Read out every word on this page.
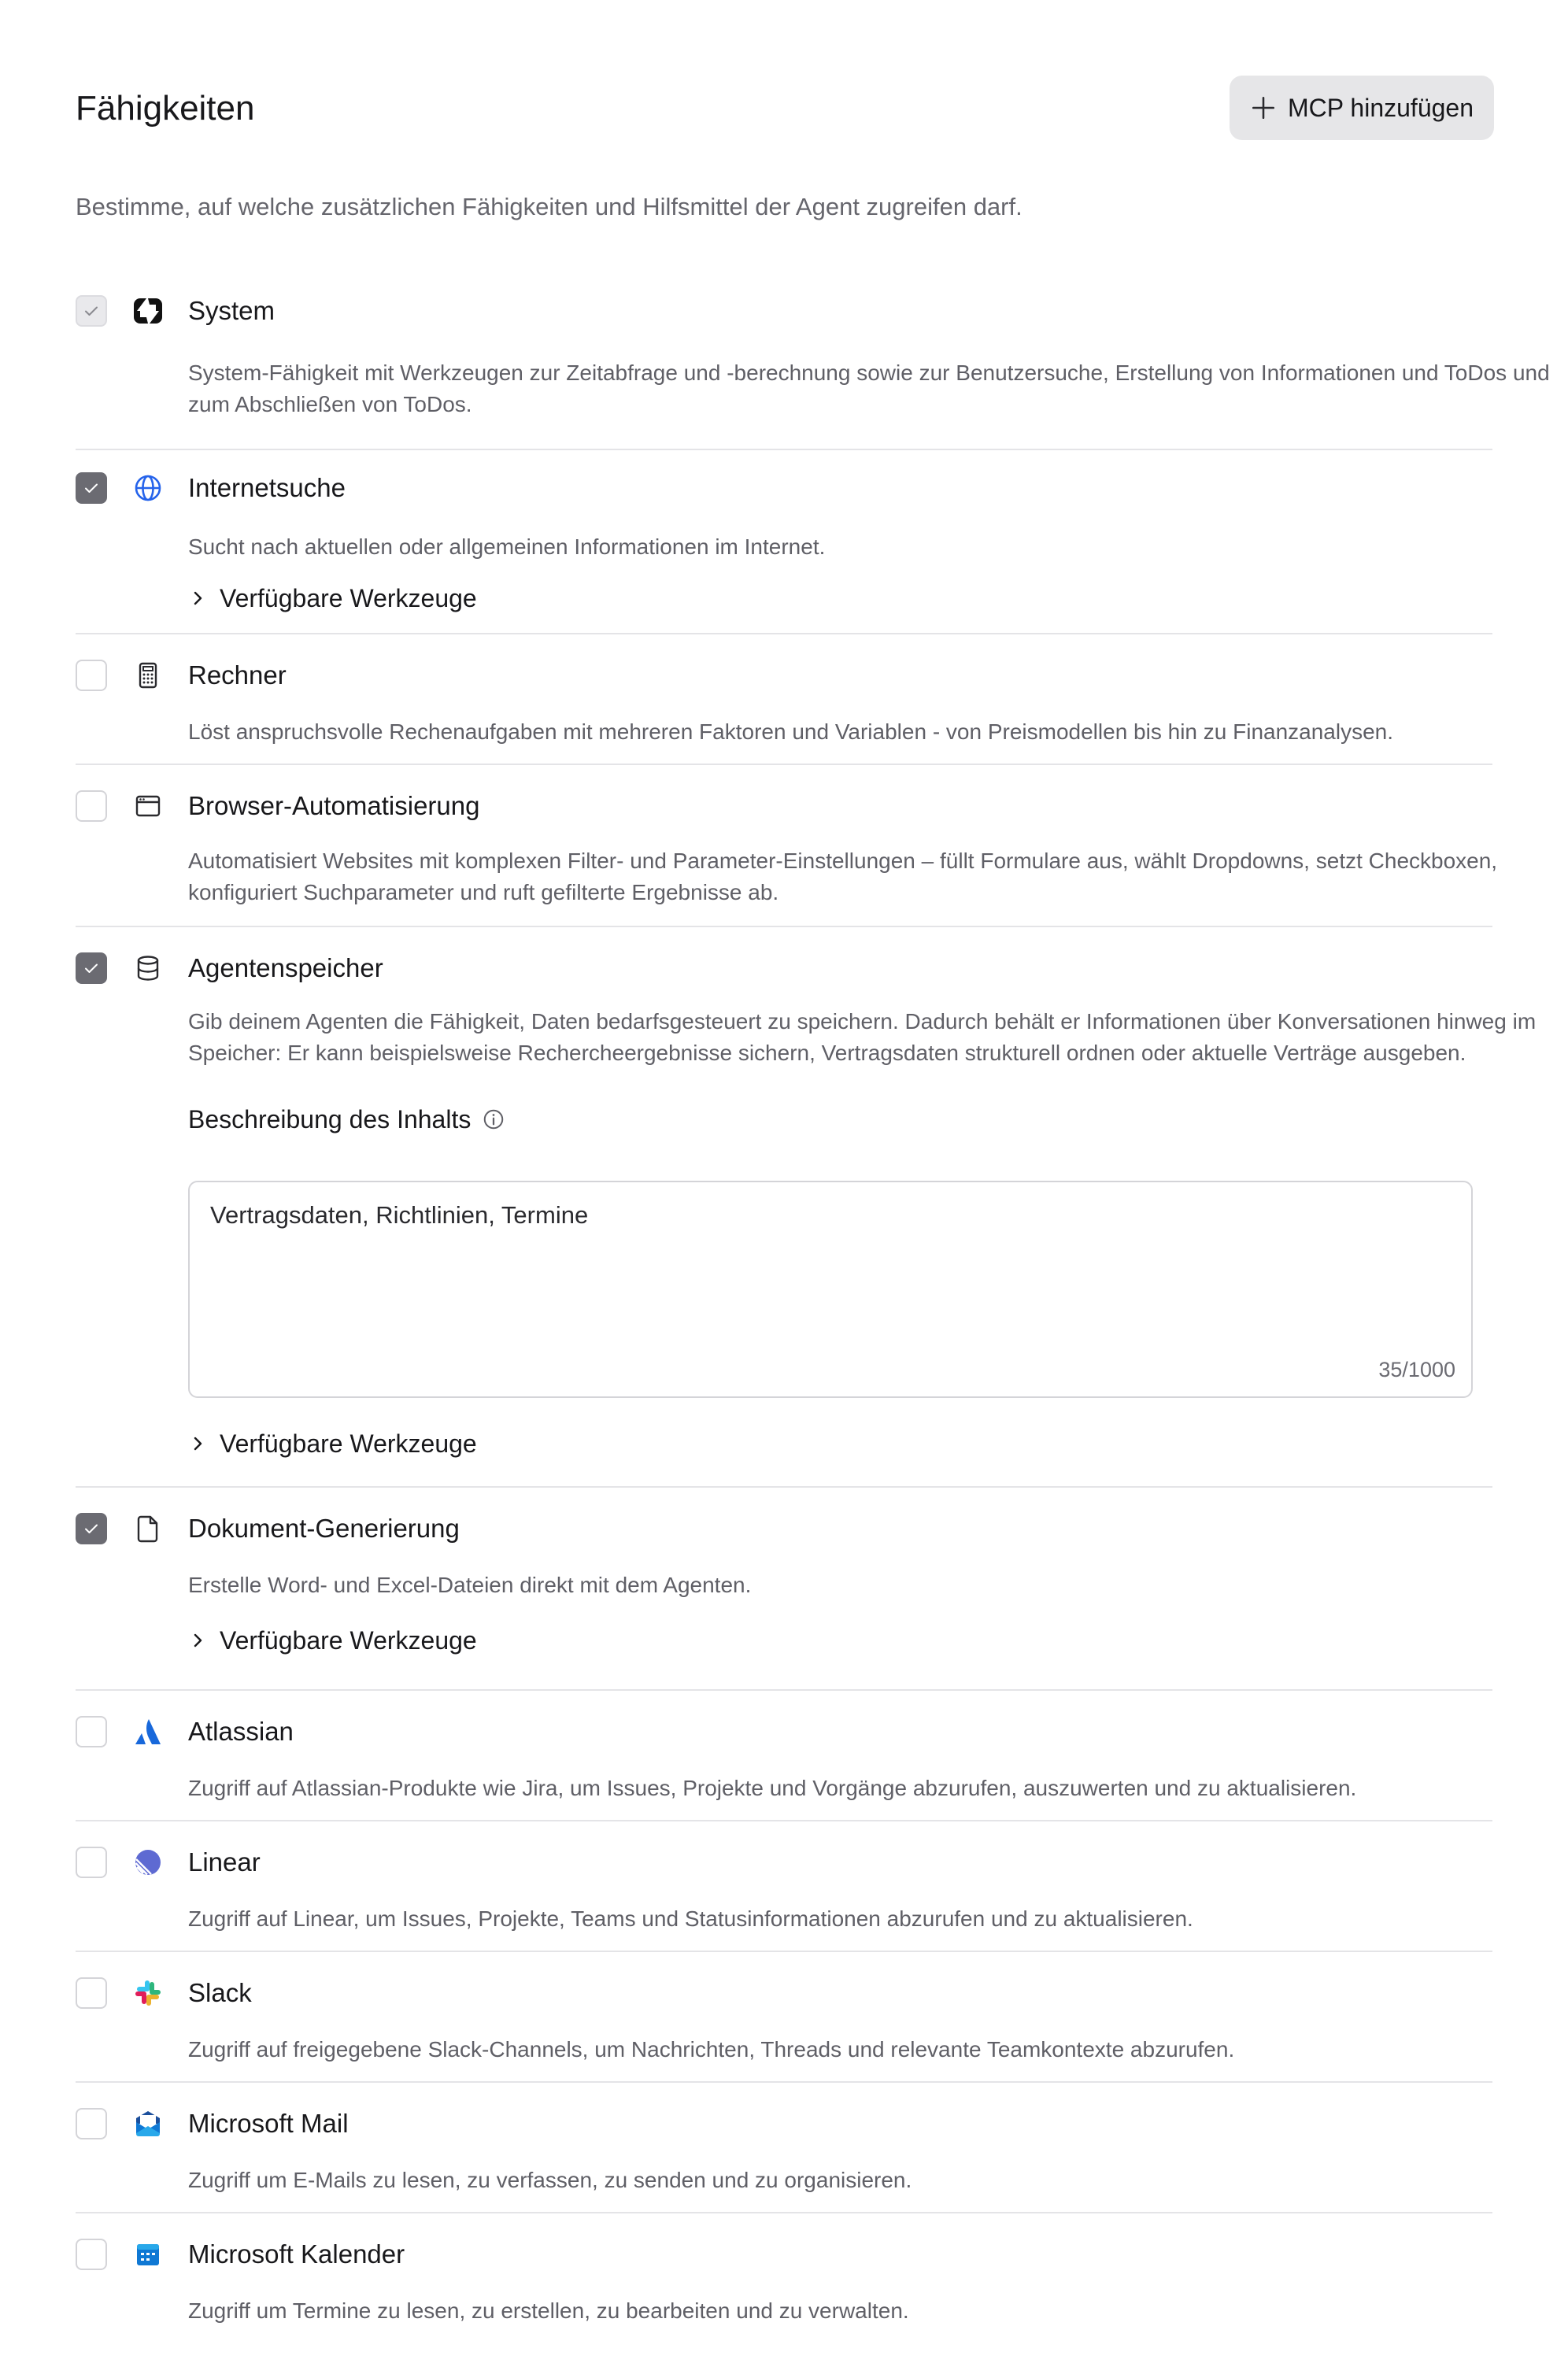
Fähigkeiten	MCP hinzufügen
Bestimme, auf welche zusätzlichen Fähigkeiten und Hilfsmittel der Agent zugreifen darf.
System
System-Fähigkeit mit Werkzeugen zur Zeitabfrage und -berechnung sowie zur Benutzersuche, Erstellung von Informationen und ToDos und zum Abschließen von ToDos.
Internetsuche
Sucht nach aktuellen oder allgemeinen Informationen im Internet.
Verfügbare Werkzeuge
Rechner
Löst anspruchsvolle Rechenaufgaben mit mehreren Faktoren und Variablen - von Preismodellen bis hin zu Finanzanalysen.
Browser-Automatisierung
Automatisiert Websites mit komplexen Filter- und Parameter-Einstellungen – füllt Formulare aus, wählt Dropdowns, setzt Checkboxen, konfiguriert Suchparameter und ruft gefilterte Ergebnisse ab.
Agentenspeicher
Gib deinem Agenten die Fähigkeit, Daten bedarfsgesteuert zu speichern. Dadurch behält er Informationen über Konversationen hinweg im Speicher: Er kann beispielsweise Rechercheergebnisse sichern, Vertragsdaten strukturell ordnen oder aktuelle Verträge ausgeben.
Beschreibung des Inhalts
Vertragsdaten, Richtlinien, Termine
35/1000
Verfügbare Werkzeuge
Dokument-Generierung
Erstelle Word- und Excel-Dateien direkt mit dem Agenten.
Verfügbare Werkzeuge
Atlassian
Zugriff auf Atlassian-Produkte wie Jira, um Issues, Projekte und Vorgänge abzurufen, auszuwerten und zu aktualisieren.
Linear
Zugriff auf Linear, um Issues, Projekte, Teams und Statusinformationen abzurufen und zu aktualisieren.
Slack
Zugriff auf freigegebene Slack-Channels, um Nachrichten, Threads und relevante Teamkontexte abzurufen.
Microsoft Mail
Zugriff um E-Mails zu lesen, zu verfassen, zu senden und zu organisieren.
Microsoft Kalender
Zugriff um Termine zu lesen, zu erstellen, zu bearbeiten und zu verwalten.
